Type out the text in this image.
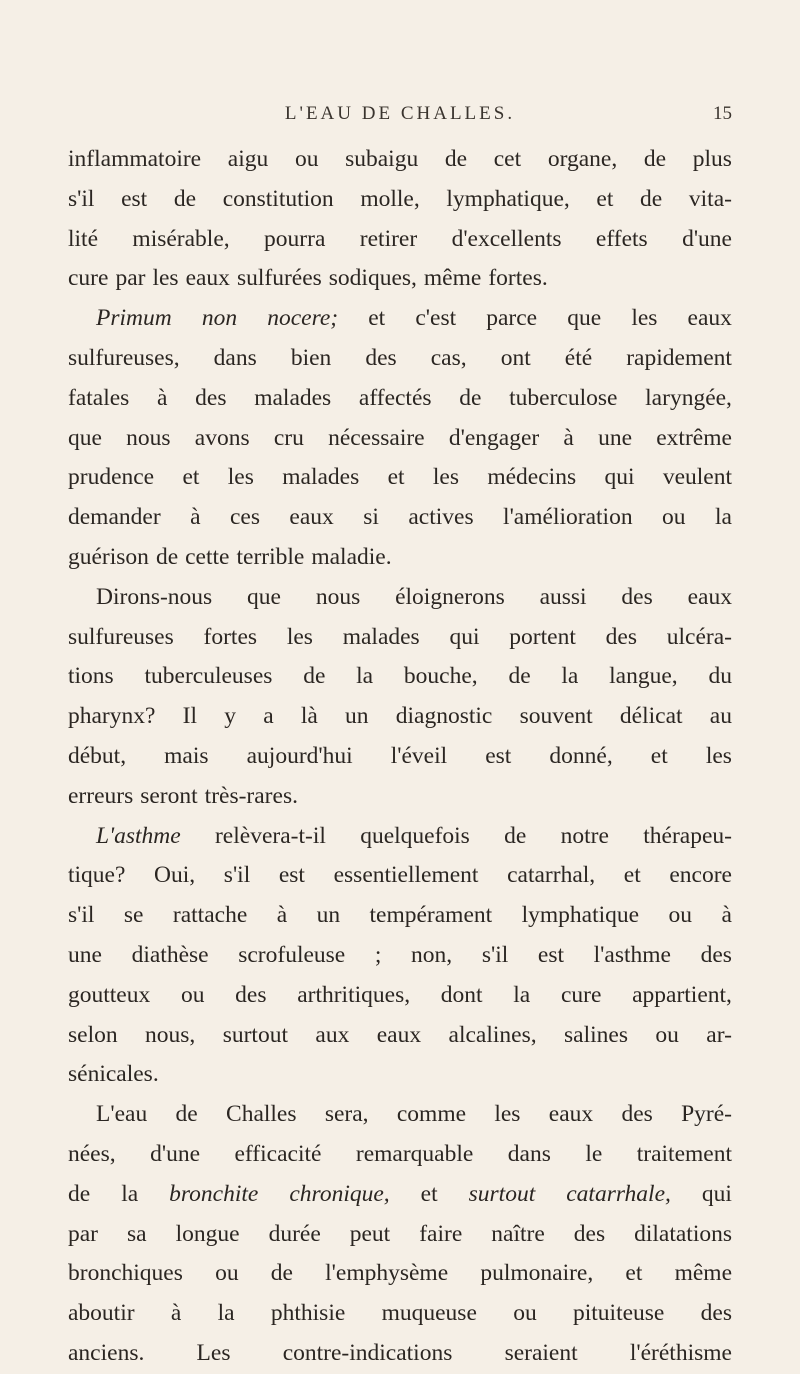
L'EAU DE CHALLES.	15
inflammatoire aigu ou subaigu de cet organe, de plus
s'il est de constitution molle, lymphatique, et de vita-
lité misérable, pourra retirer d'excellents effets d'une
cure par les eaux sulfurées sodiques, même fortes.
Primum non nocere; et c'est parce que les eaux
sulfureuses, dans bien des cas, ont été rapidement
fatales à des malades affectés de tuberculose laryngée,
que nous avons cru nécessaire d'engager à une extrême
prudence et les malades et les médecins qui veulent
demander à ces eaux si actives l'amélioration ou la
guérison de cette terrible maladie.
Dirons-nous que nous éloignerons aussi des eaux
sulfureuses fortes les malades qui portent des ulcéra-
tions tuberculeuses de la bouche, de la langue, du
pharynx? Il y a là un diagnostic souvent délicat au
début, mais aujourd'hui l'éveil est donné, et les
erreurs seront très-rares.
L'asthme relèvera-t-il quelquefois de notre thérapeu-
tique? Oui, s'il est essentiellement catarrhal, et encore
s'il se rattache à un tempérament lymphatique ou à
une diathèse scrofuleuse ; non, s'il est l'asthme des
goutteux ou des arthritiques, dont la cure appartient,
selon nous, surtout aux eaux alcalines, salines ou ar-
sénicales.
L'eau de Challes sera, comme les eaux des Pyré-
nées, d'une efficacité remarquable dans le traitement
de la bronchite chronique, et surtout catarrhale, qui
par sa longue durée peut faire naître des dilatations
bronchiques ou de l'emphysème pulmonaire, et même
aboutir à la phthisie muqueuse ou pituiteuse des
anciens. Les contre-indications seraient l'éréthisme
